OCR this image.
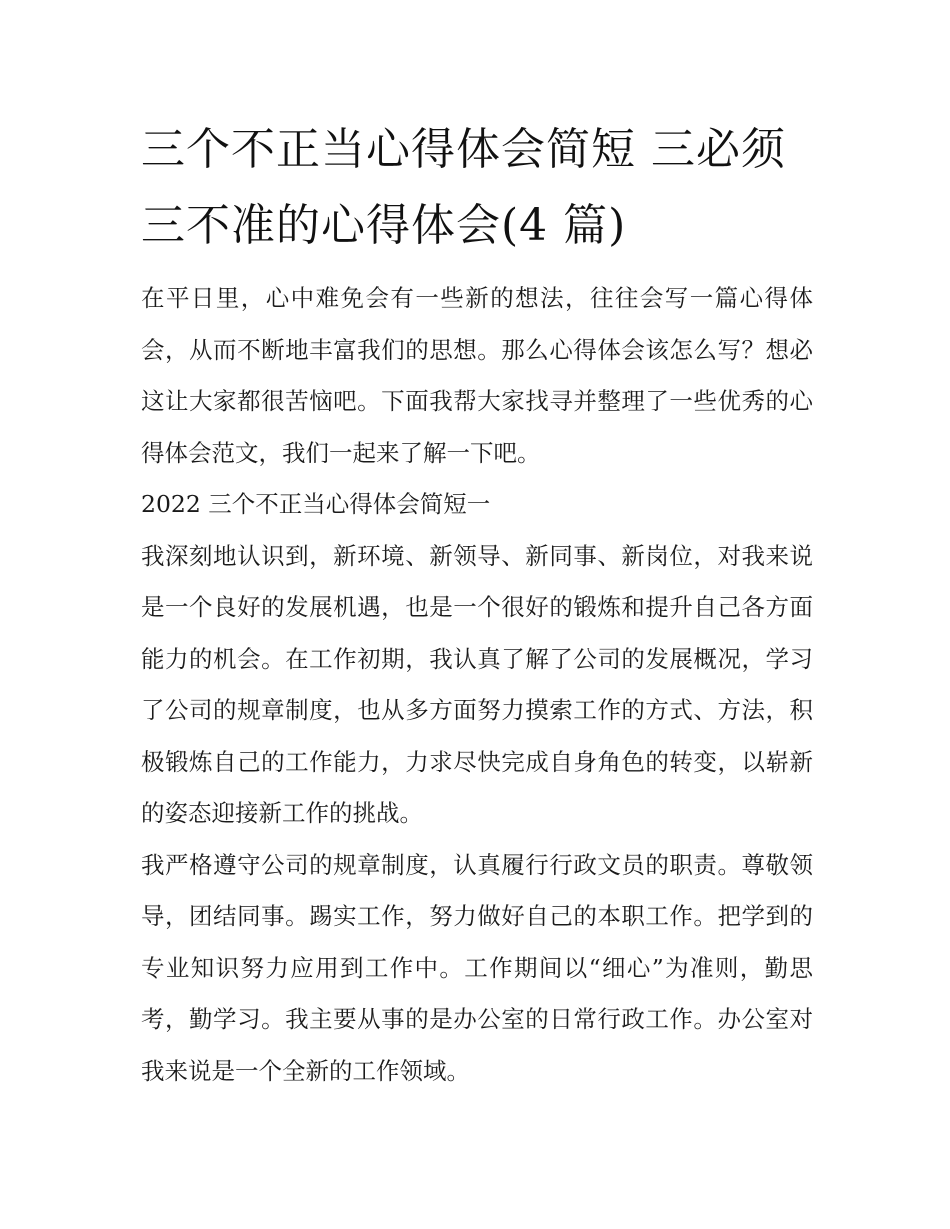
三个不正当心得体会简短 三必须三不准的心得体会(4 篇)

在平日里，心中难免会有一些新的想法，往往会写一篇心得体会，从而不断地丰富我们的思想。那么心得体会该怎么写？想必这让大家都很苦恼吧。下面我帮大家找寻并整理了一些优秀的心得体会范文，我们一起来了解一下吧。

2022 三个不正当心得体会简短一

我深刻地认识到，新环境、新领导、新同事、新岗位，对我来说是一个良好的发展机遇，也是一个很好的锻炼和提升自己各方面能力的机会。在工作初期，我认真了解了公司的发展概况，学习了公司的规章制度，也从多方面努力摸索工作的方式、方法，积极锻炼自己的工作能力，力求尽快完成自身角色的转变，以崭新的姿态迎接新工作的挑战。

我严格遵守公司的规章制度，认真履行行政文员的职责。尊敬领导，团结同事。踢实工作，努力做好自己的本职工作。把学到的专业知识努力应用到工作中。工作期间以“细心”为准则，勤思考，勤学习。我主要从事的是办公室的日常行政工作。办公室对我来说是一个全新的工作领域。
